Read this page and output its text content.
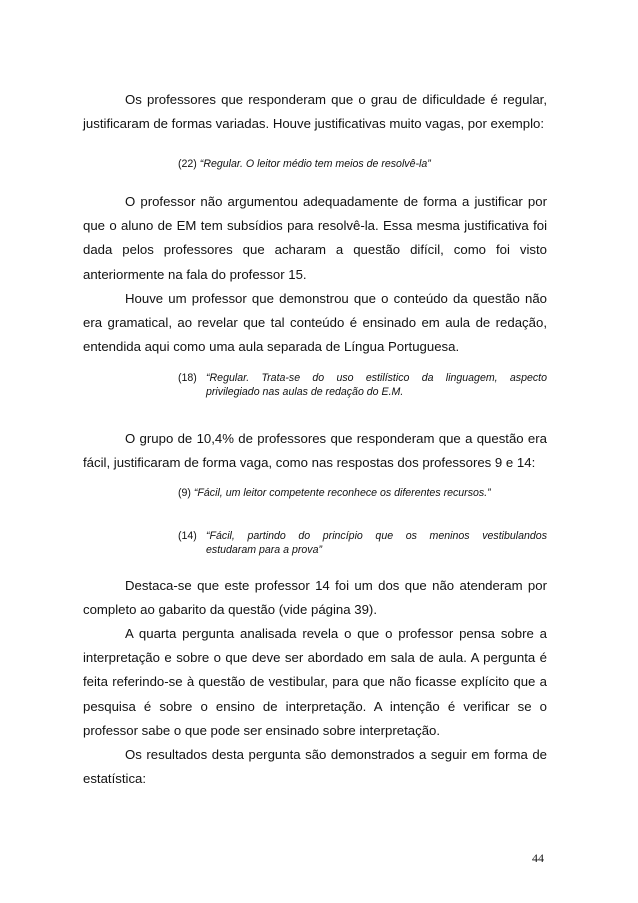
Os professores que responderam que o grau de dificuldade é regular,
justificaram de formas variadas. Houve justificativas muito vagas, por exemplo:
(22) “Regular. O leitor médio tem meios de resolvê-la”
O professor não argumentou adequadamente de forma a justificar por
que o aluno de EM tem subsídios para resolvê-la. Essa mesma justificativa foi
dada pelos professores que acharam a questão difícil, como foi visto
anteriormente na fala do professor 15.
Houve um professor que demonstrou que o conteúdo da questão não
era gramatical, ao revelar que tal conteúdo é ensinado em aula de redação,
entendida aqui como uma aula separada de Língua Portuguesa.
(18) “Regular. Trata-se do uso estilístico da linguagem, aspecto
privilegiado nas aulas de redação do E.M.
O grupo de 10,4% de professores que responderam que a questão era
fácil, justificaram de forma vaga, como nas respostas dos professores 9 e 14:
(9) “Fácil, um leitor competente reconhece os diferentes recursos.”
(14) “Fácil, partindo do princípio que os meninos vestibulandos
estudaram para a prova”
Destaca-se que este professor 14 foi um dos que não atenderam por
completo ao gabarito da questão (vide página 39).
A quarta pergunta analisada revela o que o professor pensa sobre a
interpretação e sobre o que deve ser abordado em sala de aula. A pergunta é
feita referindo-se à questão de vestibular, para que não ficasse explícito que a
pesquisa é sobre o ensino de interpretação. A intenção é verificar se o
professor sabe o que pode ser ensinado sobre interpretação.
Os resultados desta pergunta são demonstrados a seguir em forma de
estatística:
44
